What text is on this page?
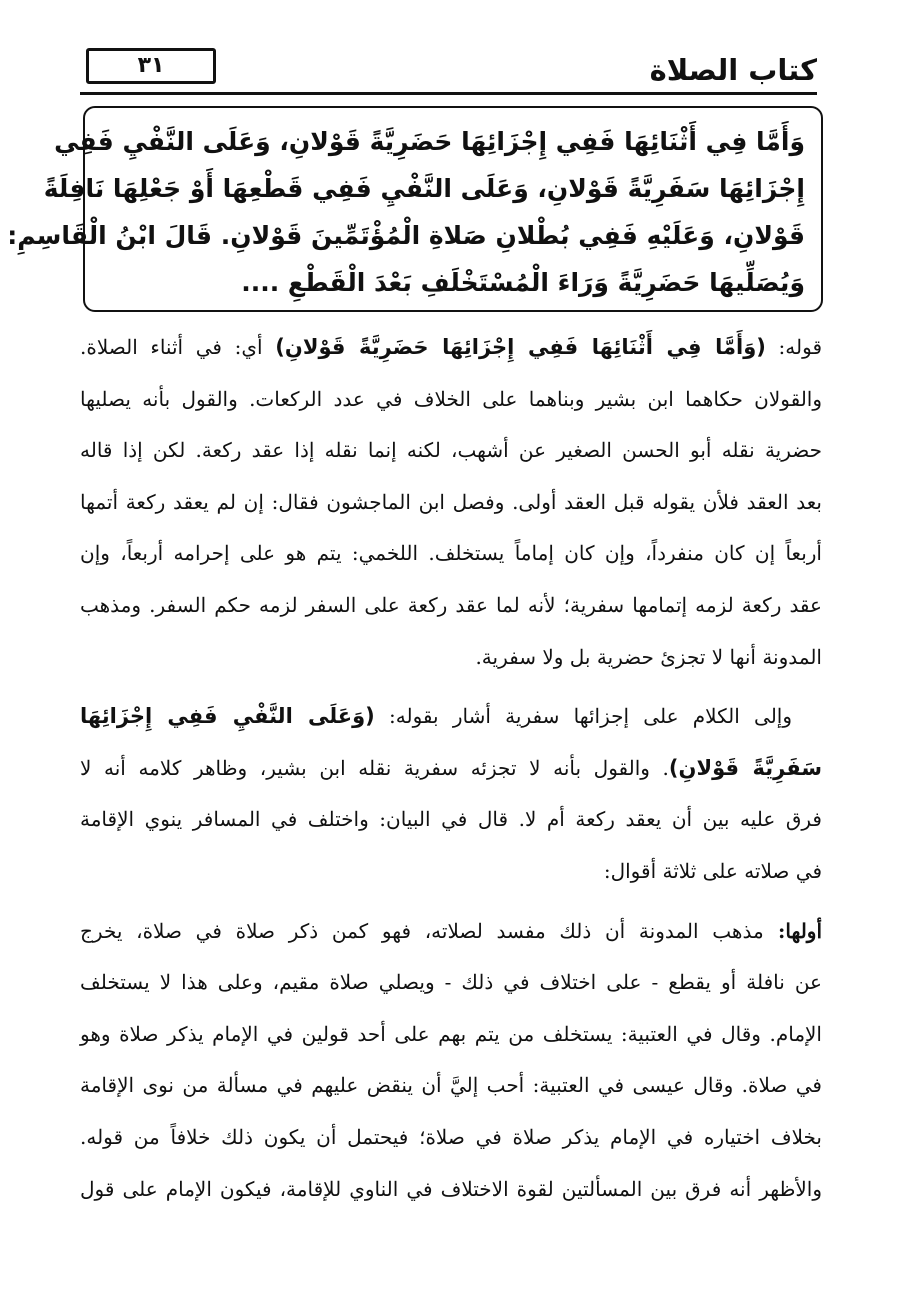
كتاب الصلاة
٣١
وَأَمَّا فِي أَثْنَائِهَا فَفِي إِجْزَائِهَا حَضَرِيَّةً قَوْلانِ، وَعَلَى النَّفْيِ فَفِي
إِجْزَائِهَا سَفَرِيَّةً قَوْلانِ، وَعَلَى النَّفْيِ فَفِي قَطْعِهَا أَوْ جَعْلِهَا نَافِلَةً
قَوْلانِ، وَعَلَيْهِ فَفِي بُطْلانِ صَلاةِ الْمُؤْتَمِّينَ قَوْلانِ. قَالَ ابْنُ الْقَاسِمِ:
وَيُصَلِّيهَا حَضَرِيَّةً وَرَاءَ الْمُسْتَخْلَفِ بَعْدَ الْقَطْعِ ....
قوله: (وَأَمَّا فِي أَثْنَائِهَا فَفِي إِجْزَائِهَا حَضَرِيَّةً قَوْلانِ) أي: في أثناء الصلاة.
والقولان حكاهما ابن بشير وبناهما على الخلاف في عدد الركعات. والقول بأنه يصليها
حضرية نقله أبو الحسن الصغير عن أشهب، لكنه إنما نقله إذا عقد ركعة. لكن إذا قاله
بعد العقد فلأن يقوله قبل العقد أولى. وفصل ابن الماجشون فقال: إن لم يعقد ركعة أتمها
أربعاً إن كان منفرداً، وإن كان إماماً يستخلف. اللخمي: يتم هو على إحرامه أربعاً، وإن
عقد ركعة لزمه إتمامها سفرية؛ لأنه لما عقد ركعة على السفر لزمه حكم السفر. ومذهب
المدونة أنها لا تجزئ حضرية بل ولا سفرية.
وإلى الكلام على إجزائها سفرية أشار بقوله: (وَعَلَى النَّفْيِ فَفِي إِجْزَائِهَا
سَفَرِيَّةً قَوْلانِ). والقول بأنه لا تجزئه سفرية نقله ابن بشير، وظاهر كلامه أنه لا
فرق عليه بين أن يعقد ركعة أم لا. قال في البيان: واختلف في المسافر ينوي الإقامة
في صلاته على ثلاثة أقوال:
أولها: مذهب المدونة أن ذلك مفسد لصلاته، فهو كمن ذكر صلاة في صلاة، يخرج
عن نافلة أو يقطع - على اختلاف في ذلك - ويصلي صلاة مقيم، وعلى هذا لا يستخلف
الإمام. وقال في العتبية: يستخلف من يتم بهم على أحد قولين في الإمام يذكر صلاة وهو
في صلاة. وقال عيسى في العتبية: أحب إليَّ أن ينقض عليهم في مسألة من نوى الإقامة
بخلاف اختياره في الإمام يذكر صلاة في صلاة؛ فيحتمل أن يكون ذلك خلافاً من قوله.
والأظهر أنه فرق بين المسألتين لقوة الاختلاف في الناوي للإقامة، فيكون الإمام على قول
